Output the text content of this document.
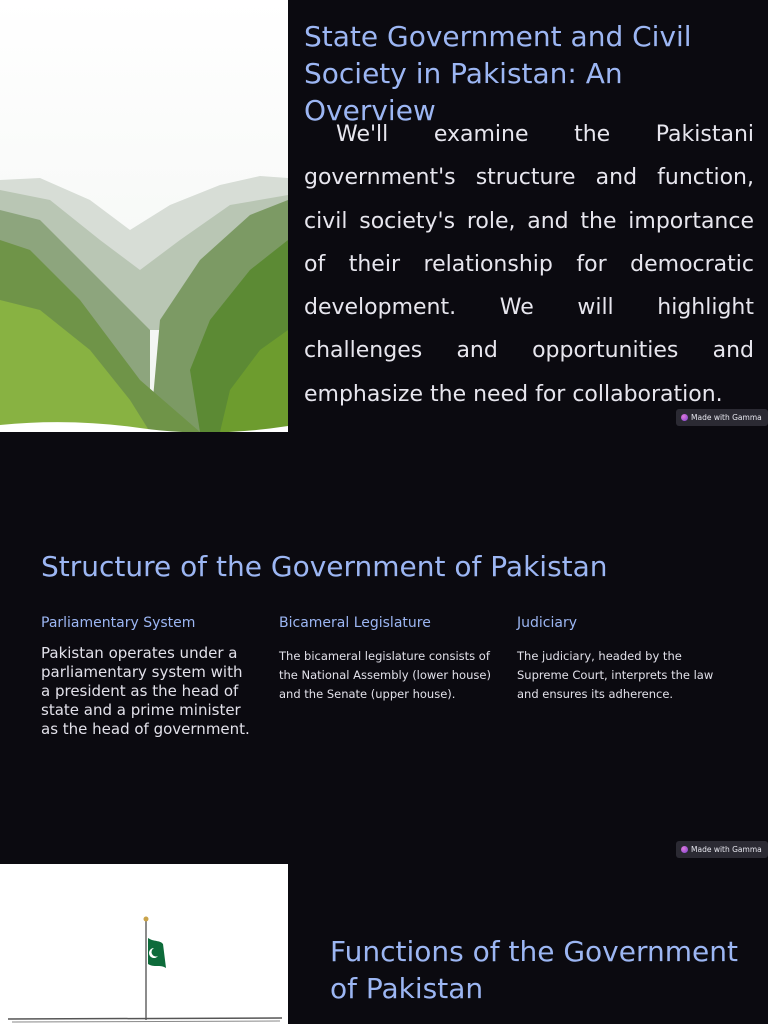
State Government and Civil Society in Pakistan: An Overview

We'll examine the Pakistani government's structure and function, civil society's role, and the importance of their relationship for democratic development. We will highlight challenges and opportunities and emphasize the need for collaboration.

Made with Gamma
Structure of the Government of Pakistan
Parliamentary System

Pakistan operates under a parliamentary system with a president as the head of state and a prime minister as the head of government.

Bicameral Legislature

The bicameral legislature consists of the National Assembly (lower house) and the Senate (upper house).

Judiciary

The judiciary, headed by the Supreme Court, interprets the law and ensures its adherence.

Made with Gamma
Functions of the Government of Pakistan
